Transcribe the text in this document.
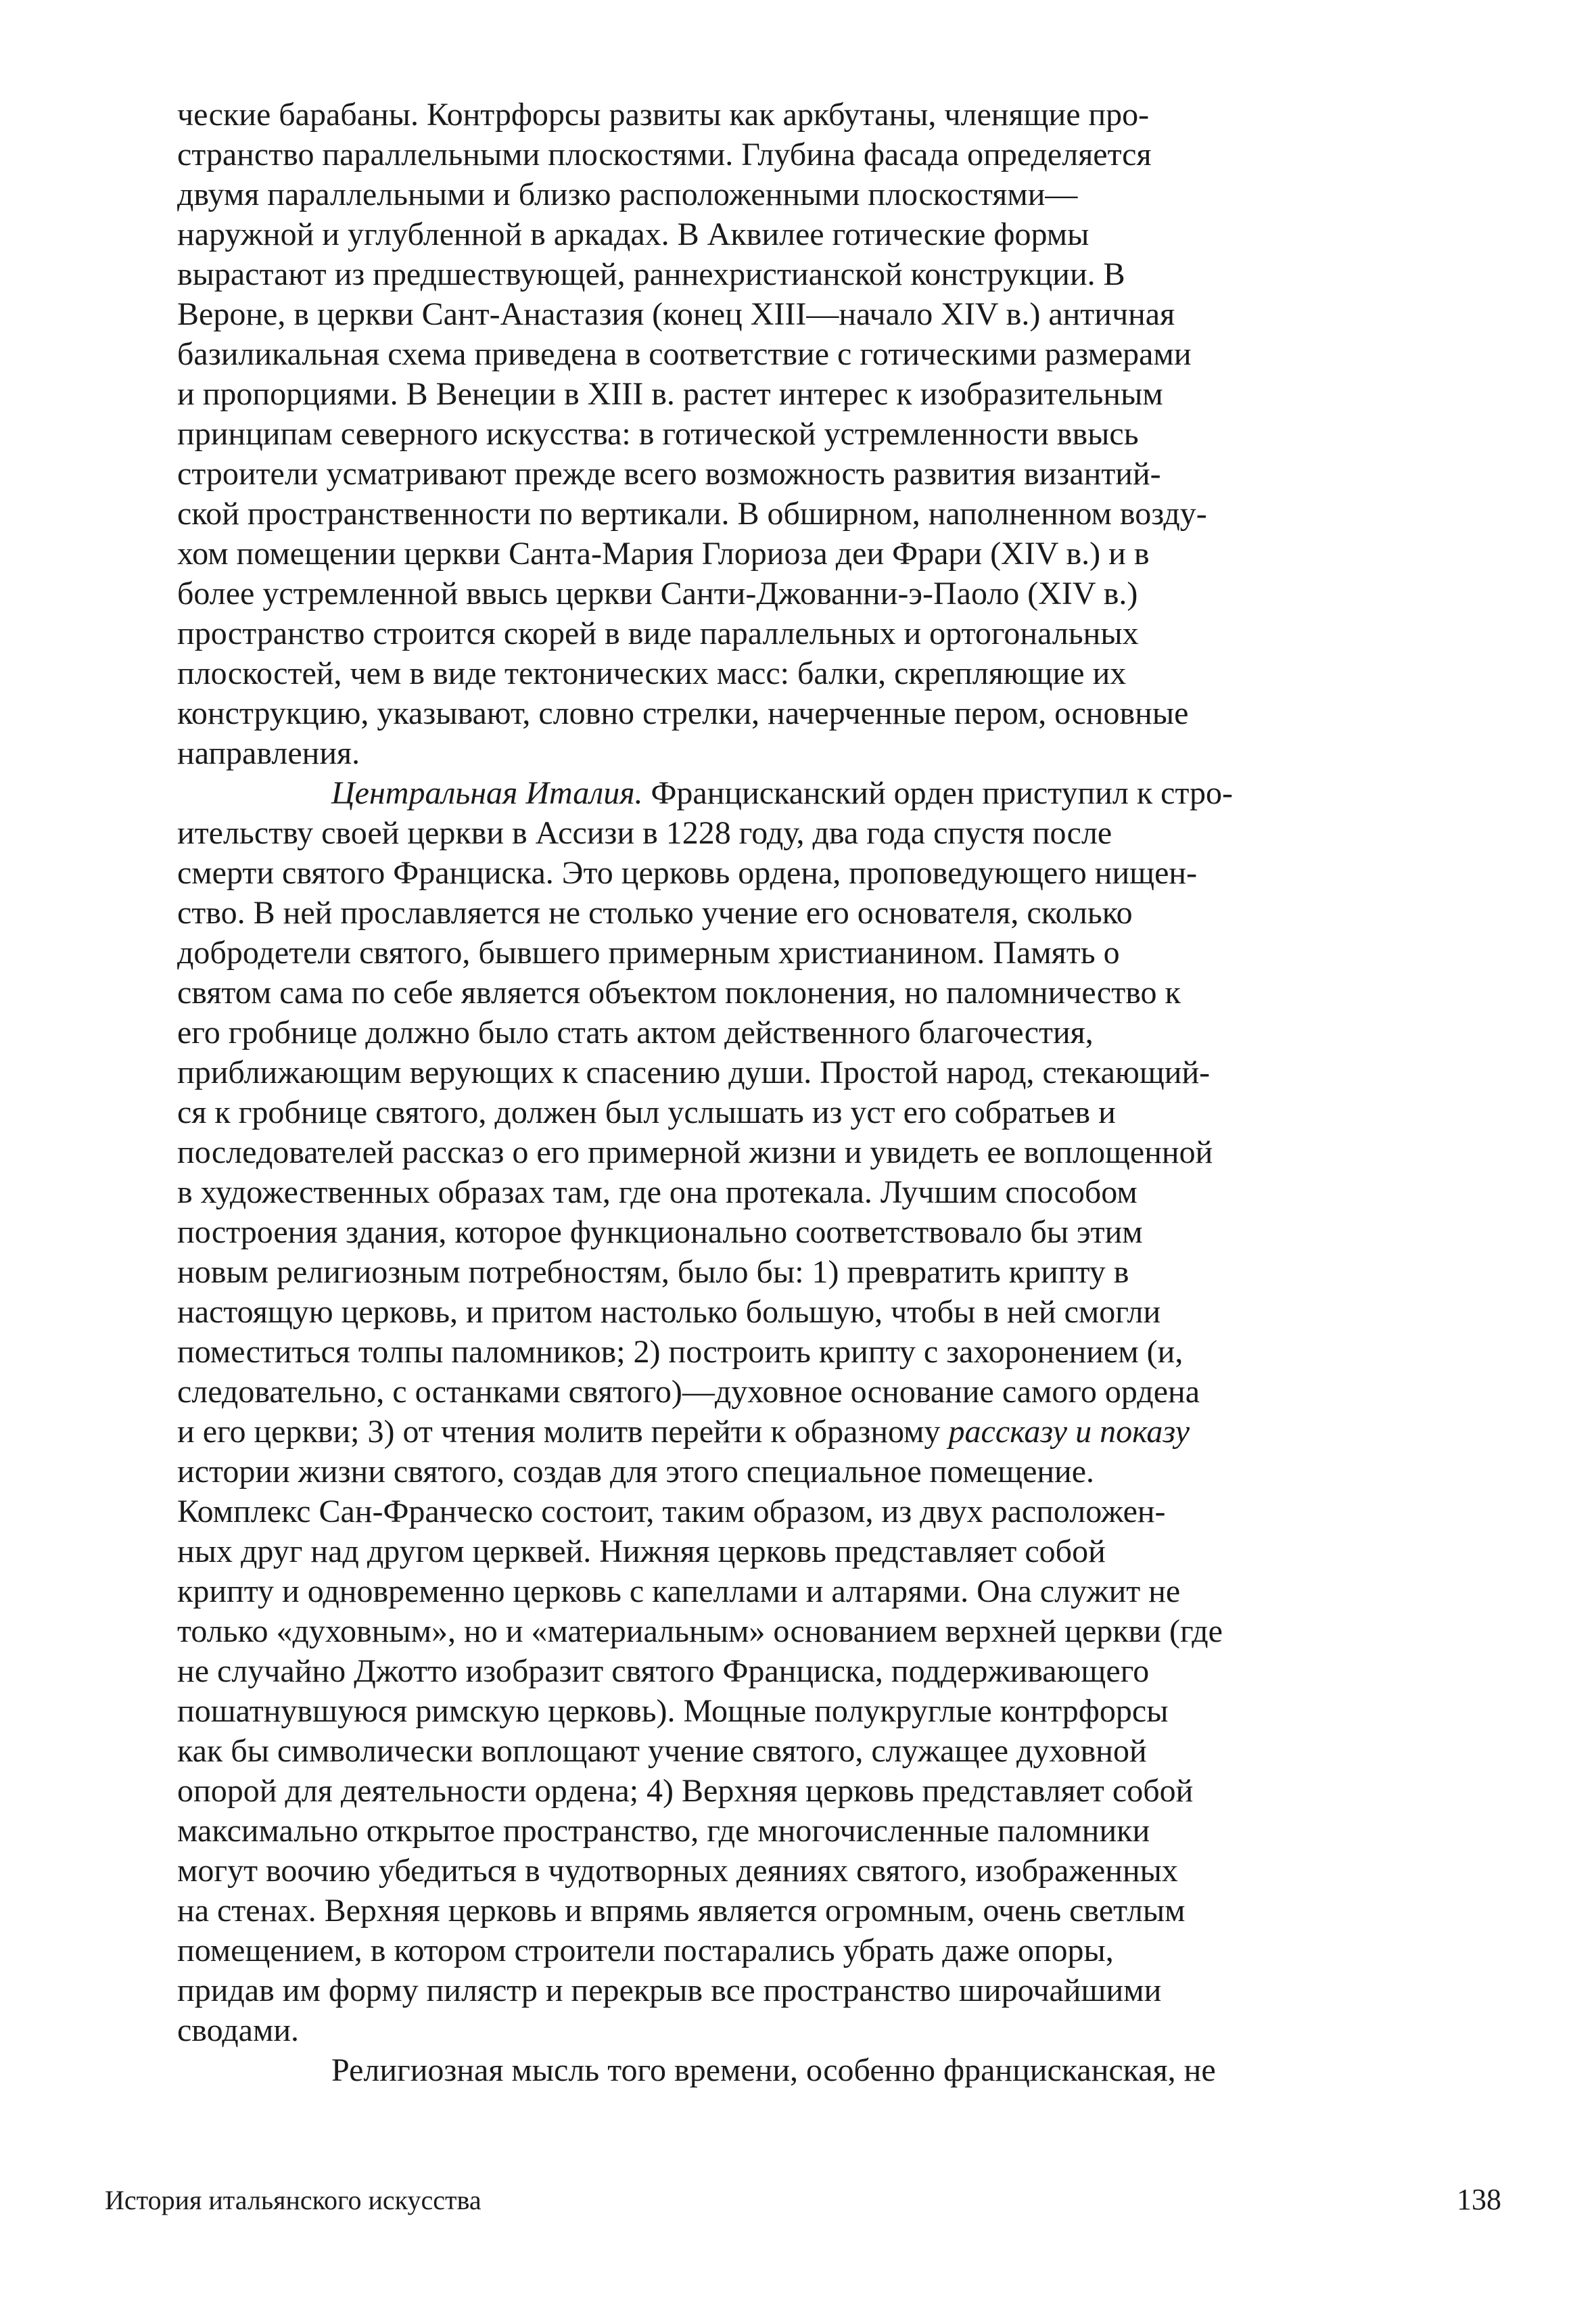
ческие барабаны. Контрфорсы развиты как аркбутаны, членящие про-
странство параллельными плоскостями. Глубина фасада определяется
двумя параллельными и близко расположенными плоскостями—
наружной и углубленной в аркадах. В Аквилее готические формы
вырастают из предшествующей, раннехристианской конструкции. В
Вероне, в церкви Сант-Анастазия (конец XIII—начало XIV в.) античная
базиликальная схема приведена в соответствие с готическими размерами
и пропорциями. В Венеции в XIII в. растет интерес к изобразительным
принципам северного искусства: в готической устремленности ввысь
строители усматривают прежде всего возможность развития византий-
ской пространственности по вертикали. В обширном, наполненном возду-
хом помещении церкви Санта-Мария Глориоза деи Фрари (XIV в.) и в
более устремленной ввысь церкви Санти-Джованни-э-Паоло (XIV в.)
пространство строится скорей в виде параллельных и ортогональных
плоскостей, чем в виде тектонических масс: балки, скрепляющие их
конструкцию, указывают, словно стрелки, начерченные пером, основные
направления.
Центральная Италия. Францисканский орден приступил к стро-
ительству своей церкви в Ассизи в 1228 году, два года спустя после
смерти святого Франциска. Это церковь ордена, проповедующего нищен-
ство. В ней прославляется не столько учение его основателя, сколько
добродетели святого, бывшего примерным христианином. Память о
святом сама по себе является объектом поклонения, но паломничество к
его гробнице должно было стать актом действенного благочестия,
приближающим верующих к спасению души. Простой народ, стекающий-
ся к гробнице святого, должен был услышать из уст его собратьев и
последователей рассказ о его примерной жизни и увидеть ее воплощенной
в художественных образах там, где она протекала. Лучшим способом
построения здания, которое функционально соответствовало бы этим
новым религиозным потребностям, было бы: 1) превратить крипту в
настоящую церковь, и притом настолько большую, чтобы в ней смогли
поместиться толпы паломников; 2) построить крипту с захоронением (и,
следовательно, с останками святого)—духовное основание самого ордена
и его церкви; 3) от чтения молитв перейти к образному рассказу и показу
истории жизни святого, создав для этого специальное помещение.
Комплекс Сан-Франческо состоит, таким образом, из двух расположен-
ных друг над другом церквей. Нижняя церковь представляет собой
крипту и одновременно церковь с капеллами и алтарями. Она служит не
только «духовным», но и «материальным» основанием верхней церкви (где
не случайно Джотто изобразит святого Франциска, поддерживающего
пошатнувшуюся римскую церковь). Мощные полукруглые контрфорсы
как бы символически воплощают учение святого, служащее духовной
опорой для деятельности ордена; 4) Верхняя церковь представляет собой
максимально открытое пространство, где многочисленные паломники
могут воочию убедиться в чудотворных деяниях святого, изображенных
на стенах. Верхняя церковь и впрямь является огромным, очень светлым
помещением, в котором строители постарались убрать даже опоры,
придав им форму пилястр и перекрыв все пространство широчайшими
сводами.
Религиозная мысль того времени, особенно францисканская, не
История итальянского искусства	138
